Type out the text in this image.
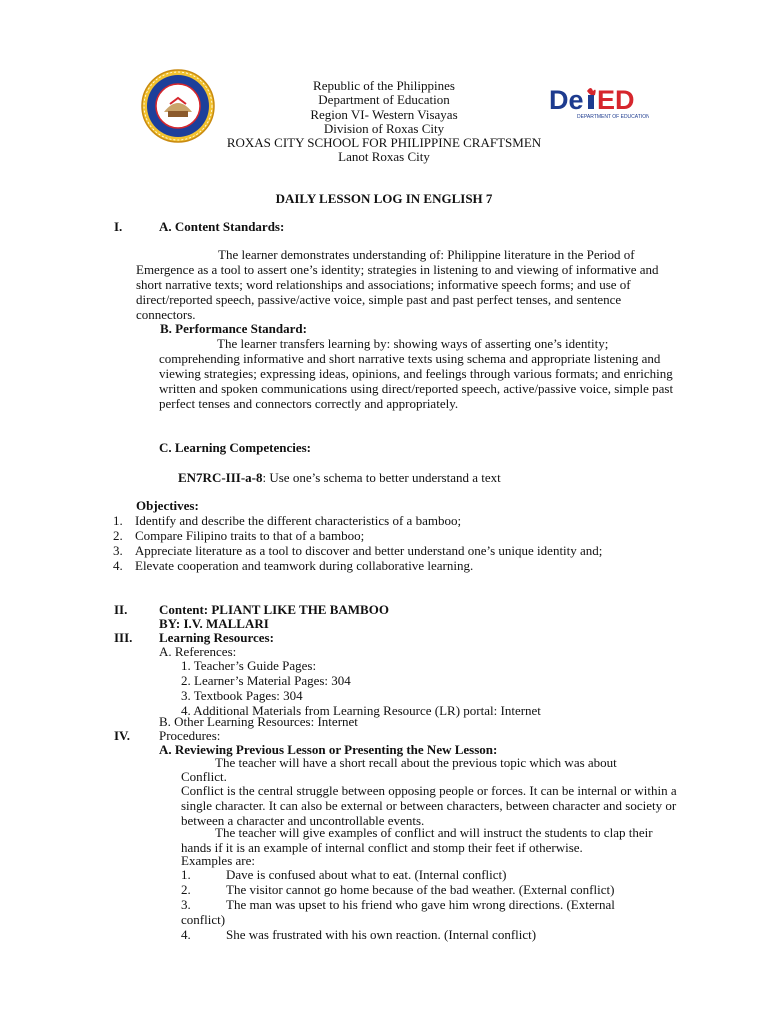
De ED
DEPARTMENT OF EDUCATION
Republic of the Philippines
Department of Education
Region VI- Western Visayas
Division of Roxas City
ROXAS CITY SCHOOL FOR PHILIPPINE CRAFTSMEN
Lanot Roxas City
DAILY LESSON LOG IN ENGLISH 7
I.	A. Content Standards:
The learner demonstrates understanding of: Philippine literature in the Period of Emergence as a tool to assert one’s identity; strategies in listening to and viewing of informative and short narrative texts; word relationships and associations; informative speech forms; and use of direct/reported speech, passive/active voice, simple past and past perfect tenses, and sentence connectors.
B. Performance Standard:
The learner transfers learning by: showing ways of asserting one’s identity; comprehending informative and short narrative texts using schema and appropriate listening and viewing strategies; expressing ideas, opinions, and feelings through various formats; and enriching written and spoken communications using direct/reported speech, active/passive voice, simple past perfect tenses and connectors correctly and appropriately.
C. Learning Competencies:
EN7RC-III-a-8: Use one’s schema to better understand a text
Objectives:
1. Identify and describe the different characteristics of a bamboo;
2. Compare Filipino traits to that of a bamboo;
3. Appreciate literature as a tool to discover and better understand one’s unique identity and;
4. Elevate cooperation and teamwork during collaborative learning.
II. Content: PLIANT LIKE THE BAMBOO
BY: I.V. MALLARI
III. Learning Resources:
A. References:
1. Teacher’s Guide Pages:
2. Learner’s Material Pages: 304
3. Textbook Pages: 304
4. Additional Materials from Learning Resource (LR) portal: Internet
B. Other Learning Resources: Internet
IV. Procedures:
A. Reviewing Previous Lesson or Presenting the New Lesson:
The teacher will have a short recall about the previous topic which was about
Conflict.
Conflict is the central struggle between opposing people or forces. It can be internal or within a single character. It can also be external or between characters, between character and society or between a character and uncontrollable events.
The teacher will give examples of conflict and will instruct the students to clap their hands if it is an example of internal conflict and stomp their feet if otherwise.
Examples are:
1.	Dave is confused about what to eat. (Internal conflict)
2.	The visitor cannot go home because of the bad weather. (External conflict)
3.	The man was upset to his friend who gave him wrong directions. (External
conflict)
4.	She was frustrated with his own reaction. (Internal conflict)
